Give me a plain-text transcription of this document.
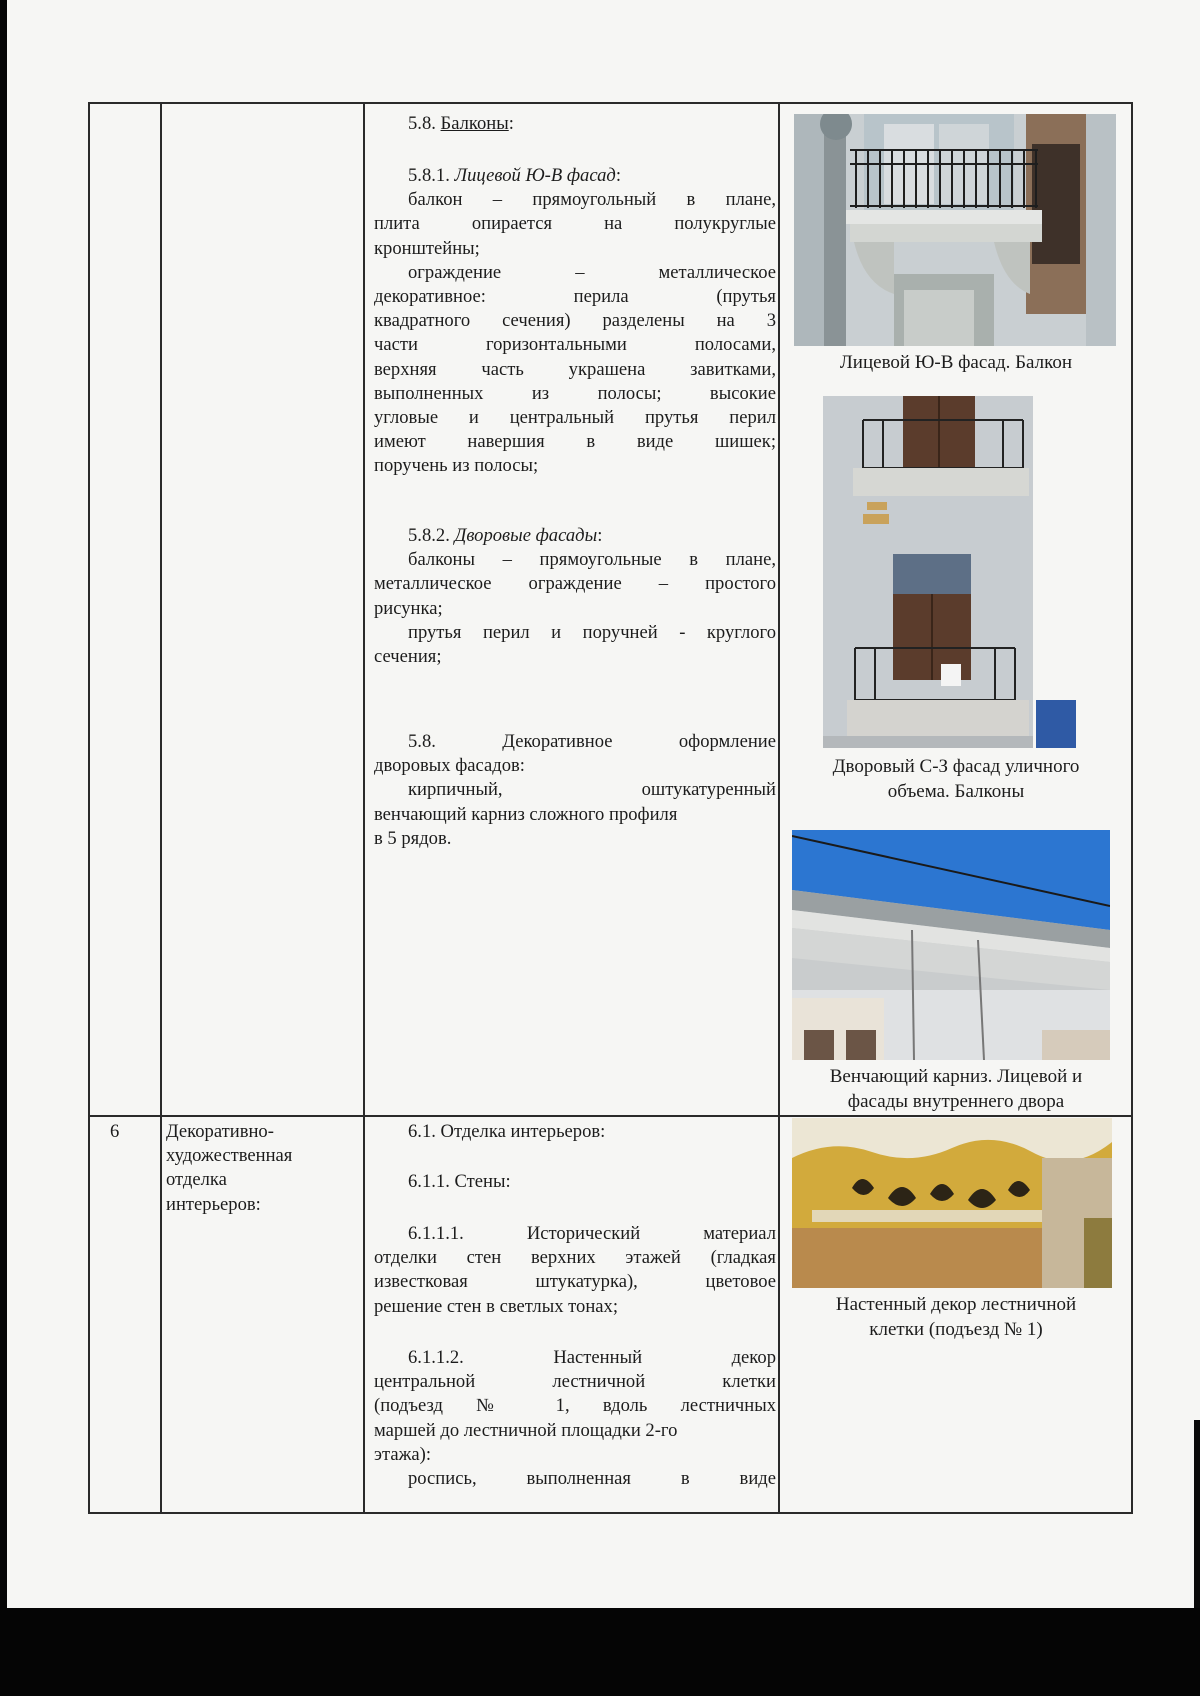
5.8. Балконы:
5.8.1. Лицевой Ю-В фасад:
балкон – прямоугольный в плане,
плита опирается на полукруглые
кронштейны;
ограждение – металлическое
декоративное: перила (прутья
квадратного сечения) разделены на 3
части горизонтальными полосами,
верхняя часть украшена завитками,
выполненных из полосы; высокие
угловые и центральный прутья перил
имеют навершия в виде шишек;
поручень из полосы;
5.8.2. Дворовые фасады:
балконы – прямоугольные в плане,
металлическое ограждение – простого
рисунка;
прутья перил и поручней - круглого
сечения;
5.8. Декоративное оформление
дворовых фасадов:
кирпичный, оштукатуренный
венчающий карниз сложного профиля
в 5 рядов.
Лицевой Ю-В фасад. Балкон
Дворовый С-З фасад уличного
объема. Балконы
Венчающий карниз. Лицевой и
фасады внутреннего двора
6	Декоративно-
художественная
отделка
интерьеров:
6.1. Отделка интерьеров:
6.1.1. Стены:
6.1.1.1. Исторический материал
отделки стен верхних этажей (гладкая
известковая штукатурка), цветовое
решение стен в светлых тонах;
6.1.1.2. Настенный декор
центральной лестничной клетки
(подъезд № 1, вдоль лестничных
маршей до лестничной площадки 2-го
этажа):
роспись, выполненная в виде
Настенный декор лестничной
клетки (подъезд № 1)
